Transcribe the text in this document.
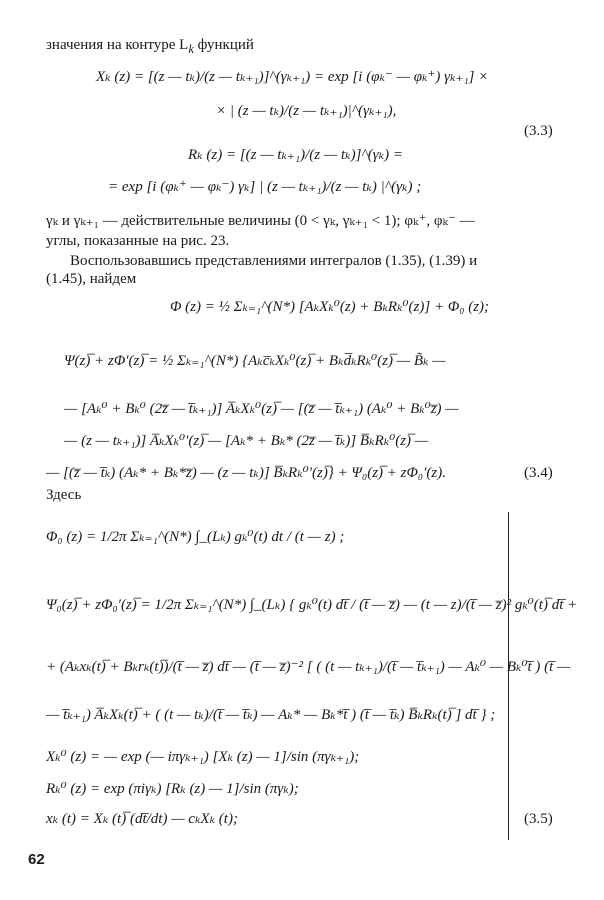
значения на контуре $L_k$ функций
Xₖ (z) = [(z — tₖ)/(z — tₖ₊₁)]^(γₖ₊₁) = exp [i (φₖ⁻ — φₖ⁺) γₖ₊₁] ×
× | (z — tₖ)/(z — tₖ₊₁)|^(γₖ₊₁),
(3.3)
Rₖ (z) = [(z — tₖ₊₁)/(z — tₖ)]^(γₖ) =
= exp [i (φₖ⁺ — φₖ⁻) γₖ] | (z — tₖ₊₁)/(z — tₖ) |^(γₖ) ;
γₖ и γₖ₊₁ — действительные величины (0 < γₖ, γₖ₊₁ < 1); φₖ⁺, φₖ⁻ —
углы, показанные на рис. 23.
Воспользовавшись представлениями интегралов (1.35), (1.39) и
(1.45), найдем
Φ (z) = ½ Σₖ₌₁^(N*) [AₖXₖ⁰(z) + BₖRₖ⁰(z)] + Φ₀ (z);
Ψ(z)̅ + zΦ′(z)̅ = ½ Σₖ₌₁^(N*) {Aₖc̅ₖXₖ⁰(z)̅ + Bₖd̅ₖRₖ⁰(z)̅ — B̃ₖ —
— [Aₖ⁰ + Bₖ⁰ (2z̅ — t̅ₖ₊₁)] A̅ₖXₖ⁰(z)̅ — [(z̅ — t̅ₖ₊₁) (Aₖ⁰ + Bₖ⁰z̅) —
— (z — tₖ₊₁)] A̅ₖXₖ⁰′(z)̅ — [Aₖ* + Bₖ* (2z̅ — t̅ₖ)] B̅ₖRₖ⁰(z)̅ —
— [(z̅ — t̅ₖ) (Aₖ* + Bₖ*z̅) — (z — tₖ)] B̅ₖRₖ⁰′(z)̅} + Ψ₀(z)̅ + zΦ₀′(z).	(3.4)
Здесь
Φ₀ (z) = 1/2π Σₖ₌₁^(N*) ∫_(Lₖ) gₖ⁰(t) dt / (t — z) ;
Ψ₀(z)̅ + zΦ₀′(z)̅ = 1/2π Σₖ₌₁^(N*) ∫_(Lₖ) { gₖ⁰(t) dt̅ / (t̅ — z̅) — (t — z)/(t̅ — z̅)² gₖ⁰(t)̅ dt̅ +
+ (Aₖxₖ(t)̅ + Bₖrₖ(t)̅)/(t̅ — z̅) dt̅ — (t̅ — z̅)⁻² [ ( (t — tₖ₊₁)/(t̅ — t̅ₖ₊₁) — Aₖ⁰ — Bₖ⁰t̅ ) (t̅ —
— t̅ₖ₊₁) A̅ₖXₖ(t)̅ + ( (t — tₖ)/(t̅ — t̅ₖ) — Aₖ* — Bₖ*t̅ ) (t̅ — t̅ₖ) B̅ₖRₖ(t)̅ ] dt̅ } ;
Xₖ⁰ (z) = — exp (— iπγₖ₊₁) [Xₖ (z) — 1]/sin (πγₖ₊₁);
Rₖ⁰ (z) = exp (πiγₖ) [Rₖ (z) — 1]/sin (πγₖ);
xₖ (t) = Xₖ (t)̅ (dt̅/dt) — cₖXₖ (t);	(3.5)
62
